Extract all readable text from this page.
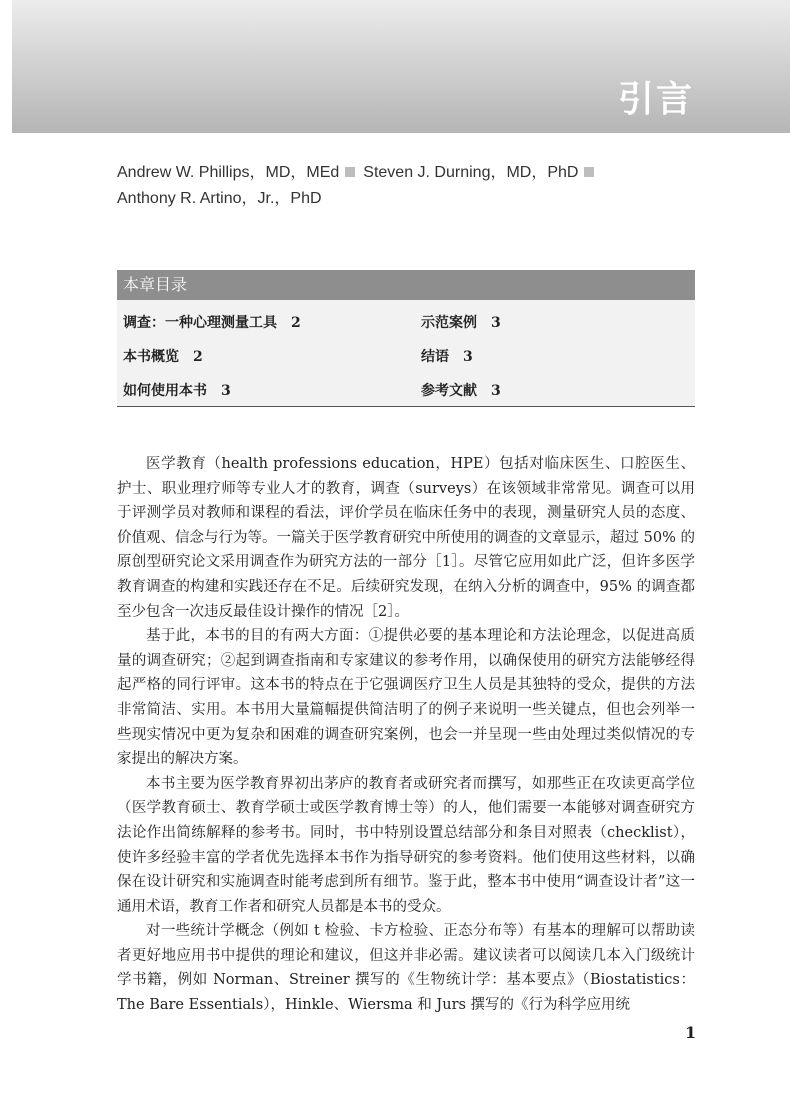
引言
Andrew W. Phillips，MD，MEd Steven J. Durning，MD，PhD
Anthony R. Artino，Jr.，PhD
本章目录
调查：一种心理测量工具 2
本书概览 2
如何使用本书 3
示范案例 3
结语 3
参考文献 3

医学教育（health professions education，HPE）包括对临床医生、口腔医生、护士、职业理疗师等专业人才的教育，调查（surveys）在该领域非常常见。调查可以用于评测学员对教师和课程的看法，评价学员在临床任务中的表现，测量研究人员的态度、价值观、信念与行为等。一篇关于医学教育研究中所使用的调查的文章显示，超过 50% 的原创型研究论文采用调查作为研究方法的一部分［1］。尽管它应用如此广泛，但许多医学教育调查的构建和实践还存在不足。后续研究发现，在纳入分析的调查中，95% 的调查都至少包含一次违反最佳设计操作的情况［2］。

基于此，本书的目的有两大方面：①提供必要的基本理论和方法论理念，以促进高质量的调查研究；②起到调查指南和专家建议的参考作用，以确保使用的研究方法能够经得起严格的同行评审。这本书的特点在于它强调医疗卫生人员是其独特的受众，提供的方法非常简洁、实用。本书用大量篇幅提供简洁明了的例子来说明一些关键点，但也会列举一些现实情况中更为复杂和困难的调查研究案例，也会一并呈现一些由处理过类似情况的专家提出的解决方案。

本书主要为医学教育界初出茅庐的教育者或研究者而撰写，如那些正在攻读更高学位（医学教育硕士、教育学硕士或医学教育博士等）的人，他们需要一本能够对调查研究方法论作出简练解释的参考书。同时，书中特别设置总结部分和条目对照表（checklist），使许多经验丰富的学者优先选择本书作为指导研究的参考资料。他们使用这些材料，以确保在设计研究和实施调查时能考虑到所有细节。鉴于此，整本书中使用“调查设计者”这一通用术语，教育工作者和研究人员都是本书的受众。

对一些统计学概念（例如 t 检验、卡方检验、正态分布等）有基本的理解可以帮助读者更好地应用书中提供的理论和建议，但这并非必需。建议读者可以阅读几本入门级统计学书籍，例如 Norman、Streiner 撰写的《生物统计学：基本要点》（Biostatistics：The Bare Essentials），Hinkle、Wiersma 和 Jurs 撰写的《行为科学应用统

1
